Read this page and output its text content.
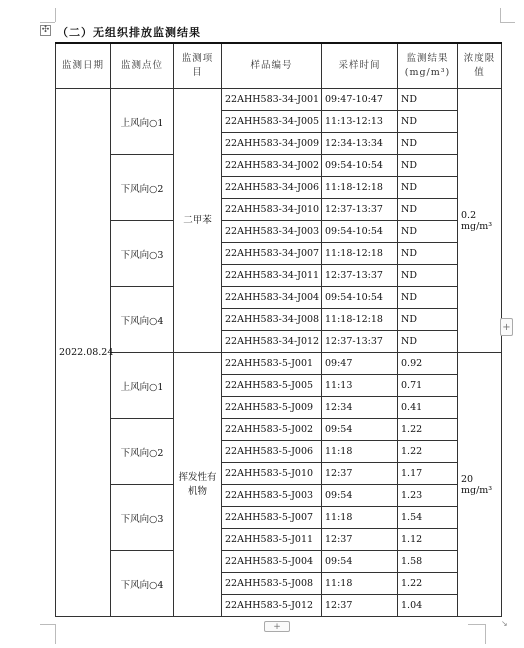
✣ （二）无组织排放监测结果
监测日期	监测点位	监测项目	样品编号	采样时间	监测结果(mg/m³)	浓度限值
2022.08.24	上风向○1	二甲苯	22AHH583-34-J001	09:47-10:47	ND	0.2 mg/m³
			22AHH583-34-J005	11:13-12:13	ND	
			22AHH583-34-J009	12:34-13:34	ND	
	下风向○2		22AHH583-34-J002	09:54-10:54	ND	
			22AHH583-34-J006	11:18-12:18	ND	
			22AHH583-34-J010	12:37-13:37	ND	
	下风向○3		22AHH583-34-J003	09:54-10:54	ND	
			22AHH583-34-J007	11:18-12:18	ND	
			22AHH583-34-J011	12:37-13:37	ND	
	下风向○4		22AHH583-34-J004	09:54-10:54	ND	
			22AHH583-34-J008	11:18-12:18	ND	
			22AHH583-34-J012	12:37-13:37	ND	
	上风向○1	挥发性有机物	22AHH583-5-J001	09:47	0.92	20 mg/m³
			22AHH583-5-J005	11:13	0.71	
			22AHH583-5-J009	12:34	0.41	
	下风向○2		22AHH583-5-J002	09:54	1.22	
			22AHH583-5-J006	11:18	1.22	
			22AHH583-5-J010	12:37	1.17	
	下风向○3		22AHH583-5-J003	09:54	1.23	
			22AHH583-5-J007	11:18	1.54	
			22AHH583-5-J011	12:37	1.12	
	下风向○4		22AHH583-5-J004	09:54	1.58	
			22AHH583-5-J008	11:18	1.22	
			22AHH583-5-J012	12:37	1.04	
+
+	↘
